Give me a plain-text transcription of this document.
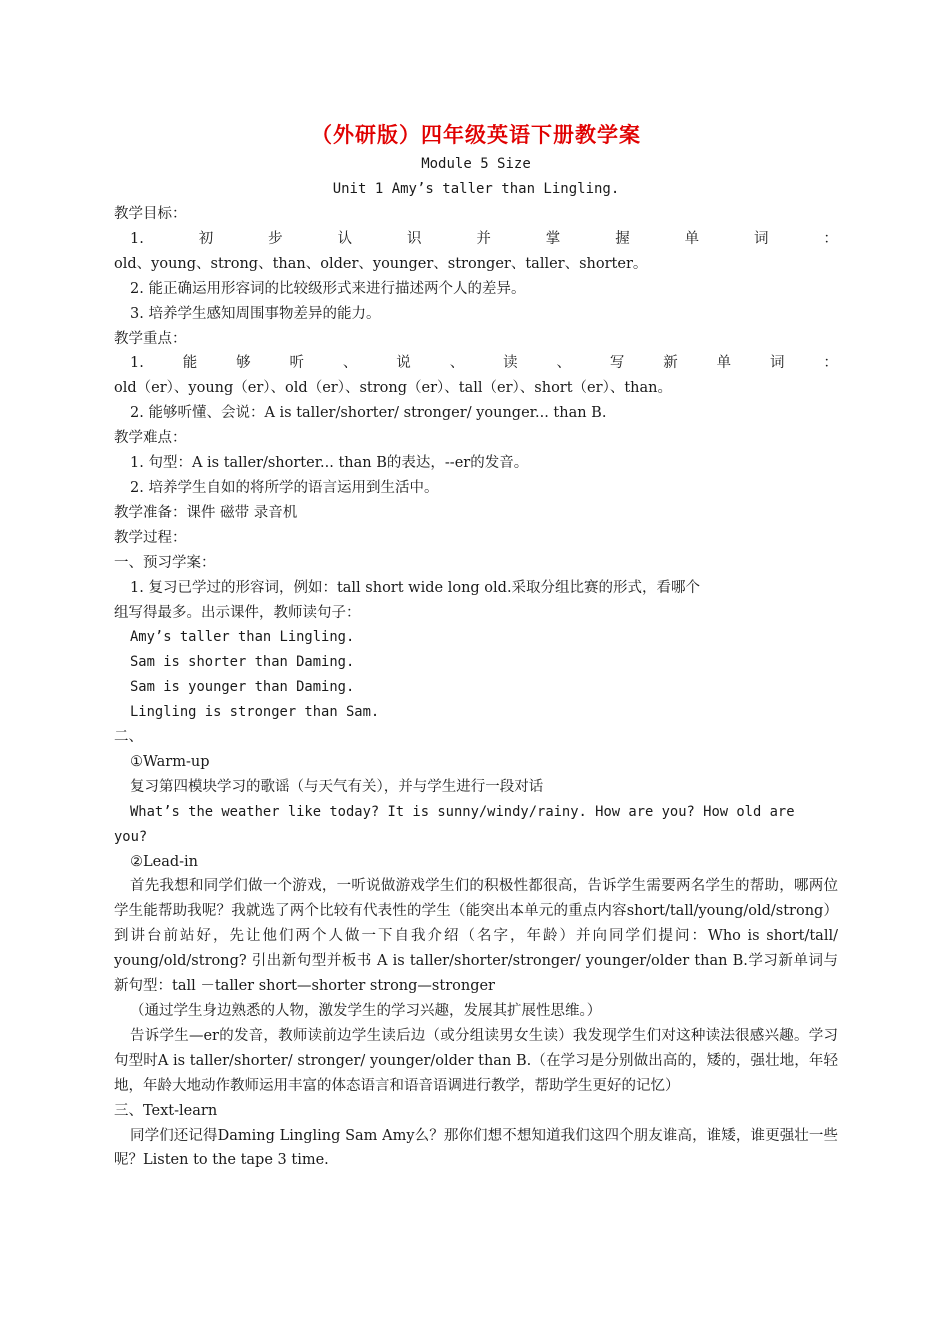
（外研版）四年级英语下册教学案
Module 5 Size
Unit 1 Amy’s taller than Lingling.
教学目标：
1.	初	步	认	识	并	掌	握	单	词	：
old、young、strong、than、older、younger、stronger、taller、shorter。
2. 能正确运用形容词的比较级形式来进行描述两个人的差异。
3. 培养学生感知周围事物差异的能力。
教学重点：
1.	能	够	听	、	说	、	读	、	写	新	单	词	：
old（er）、young（er）、old（er）、strong（er）、tall（er）、short（er）、than。
2. 能够听懂、会说：A is taller/shorter/ stronger/ younger... than B.
教学难点：
1. 句型：A is taller/shorter... than B的表达，--er的发音。
2. 培养学生自如的将所学的语言运用到生活中。
教学准备：课件 磁带 录音机
教学过程：
一、预习学案：
1. 复习已学过的形容词，例如：tall short wide long old.采取分组比赛的形式，看哪个
组写得最多。出示课件，教师读句子：
Amy’s taller than Lingling.
Sam is shorter than Daming.
Sam is younger than Daming.
Lingling is stronger than Sam.
二、
①Warm-up
复习第四模块学习的歌谣（与天气有关），并与学生进行一段对话
What’s the weather like today? It is sunny/windy/rainy. How are you? How old are
you?
②Lead-in
首先我想和同学们做一个游戏，一听说做游戏学生们的积极性都很高，告诉学生需要两名学生的帮助，哪两位学生能帮助我呢？我就选了两个比较有代表性的学生（能突出本单元的重点内容short/tall/young/old/strong）到讲台前站好，先让他们两个人做一下自我介绍（名字，年龄）并向同学们提问：Who is short/tall/ young/old/strong? 引出新句型并板书 A is taller/shorter/stronger/ younger/older than B.学习新单词与新句型：tall －taller short—shorter strong—stronger
（通过学生身边熟悉的人物，激发学生的学习兴趣，发展其扩展性思维。）
告诉学生—er的发音，教师读前边学生读后边（或分组读男女生读）我发现学生们对这种读法很感兴趣。学习句型时A is taller/shorter/ stronger/ younger/older than B.（在学习是分别做出高的，矮的，强壮地，年轻地，年龄大地动作教师运用丰富的体态语言和语音语调进行教学，帮助学生更好的记忆）
三、Text-learn
同学们还记得Daming Lingling Sam Amy么？那你们想不想知道我们这四个朋友谁高，谁矮，谁更强壮一些呢？Listen to the tape 3 time.
